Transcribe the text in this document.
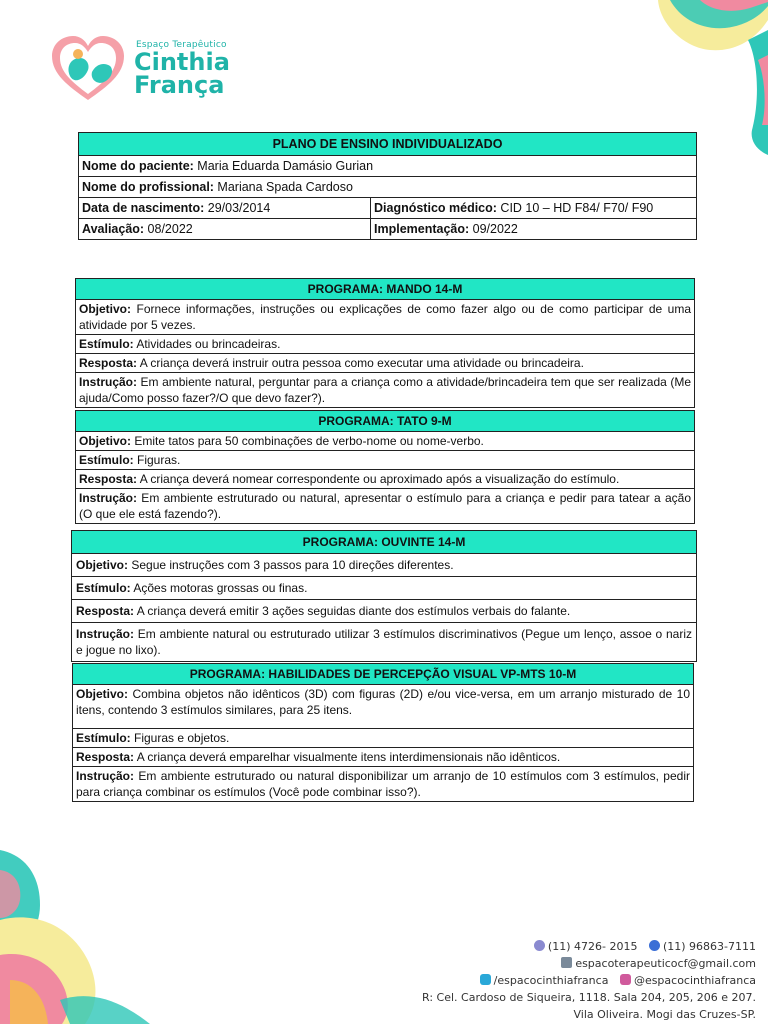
Espaço Terapêutico
Cinthia
França
PLANO DE ENSINO INDIVIDUALIZADO	
Nome do paciente: Maria Eduarda Damásio Gurian	
Nome do profissional: Mariana Spada Cardoso	
Data de nascimento: 29/03/2014	Diagnóstico médico: CID 10 – HD F84/ F70/ F90
Avaliação: 08/2022	Implementação: 09/2022
PROGRAMA: MANDO 14-M
Objetivo: Fornece informações, instruções ou explicações de como fazer algo ou de como participar de uma atividade por 5 vezes.
Estímulo: Atividades ou brincadeiras.
Resposta: A criança deverá instruir outra pessoa como executar uma atividade ou brincadeira.
Instrução: Em ambiente natural, perguntar para a criança como a atividade/brincadeira tem que ser realizada (Me ajuda/Como posso fazer?/O que devo fazer?).
PROGRAMA: TATO 9-M
Objetivo: Emite tatos para 50 combinações de verbo-nome ou nome-verbo.
Estímulo: Figuras.
Resposta: A criança deverá nomear correspondente ou aproximado após a visualização do estímulo.
Instrução: Em ambiente estruturado ou natural, apresentar o estímulo para a criança e pedir para tatear a ação (O que ele está fazendo?).
PROGRAMA: OUVINTE 14-M
Objetivo: Segue instruções com 3 passos para 10 direções diferentes.
Estímulo: Ações motoras grossas ou finas.
Resposta: A criança deverá emitir 3 ações seguidas diante dos estímulos verbais do falante.
Instrução: Em ambiente natural ou estruturado utilizar 3 estímulos discriminativos (Pegue um lenço, assoe o nariz e jogue no lixo).
PROGRAMA: HABILIDADES DE PERCEPÇÃO VISUAL VP-MTS 10-M
Objetivo: Combina objetos não idênticos (3D) com figuras (2D) e/ou vice-versa, em um arranjo misturado de 10 itens, contendo 3 estímulos similares, para 25 itens.
Estímulo: Figuras e objetos.
Resposta: A criança deverá emparelhar visualmente itens interdimensionais não idênticos.
Instrução: Em ambiente estruturado ou natural disponibilizar um arranjo de 10 estímulos com 3 estímulos, pedir para criança combinar os estímulos (Você pode combinar isso?).
(11) 4726- 2015 (11) 96863-7111
espacoterapeuticocf@gmail.com
/espacocinthiafranca @espacocinthiafranca
R: Cel. Cardoso de Siqueira, 1118. Sala 204, 205, 206 e 207.
Vila Oliveira. Mogi das Cruzes-SP.
